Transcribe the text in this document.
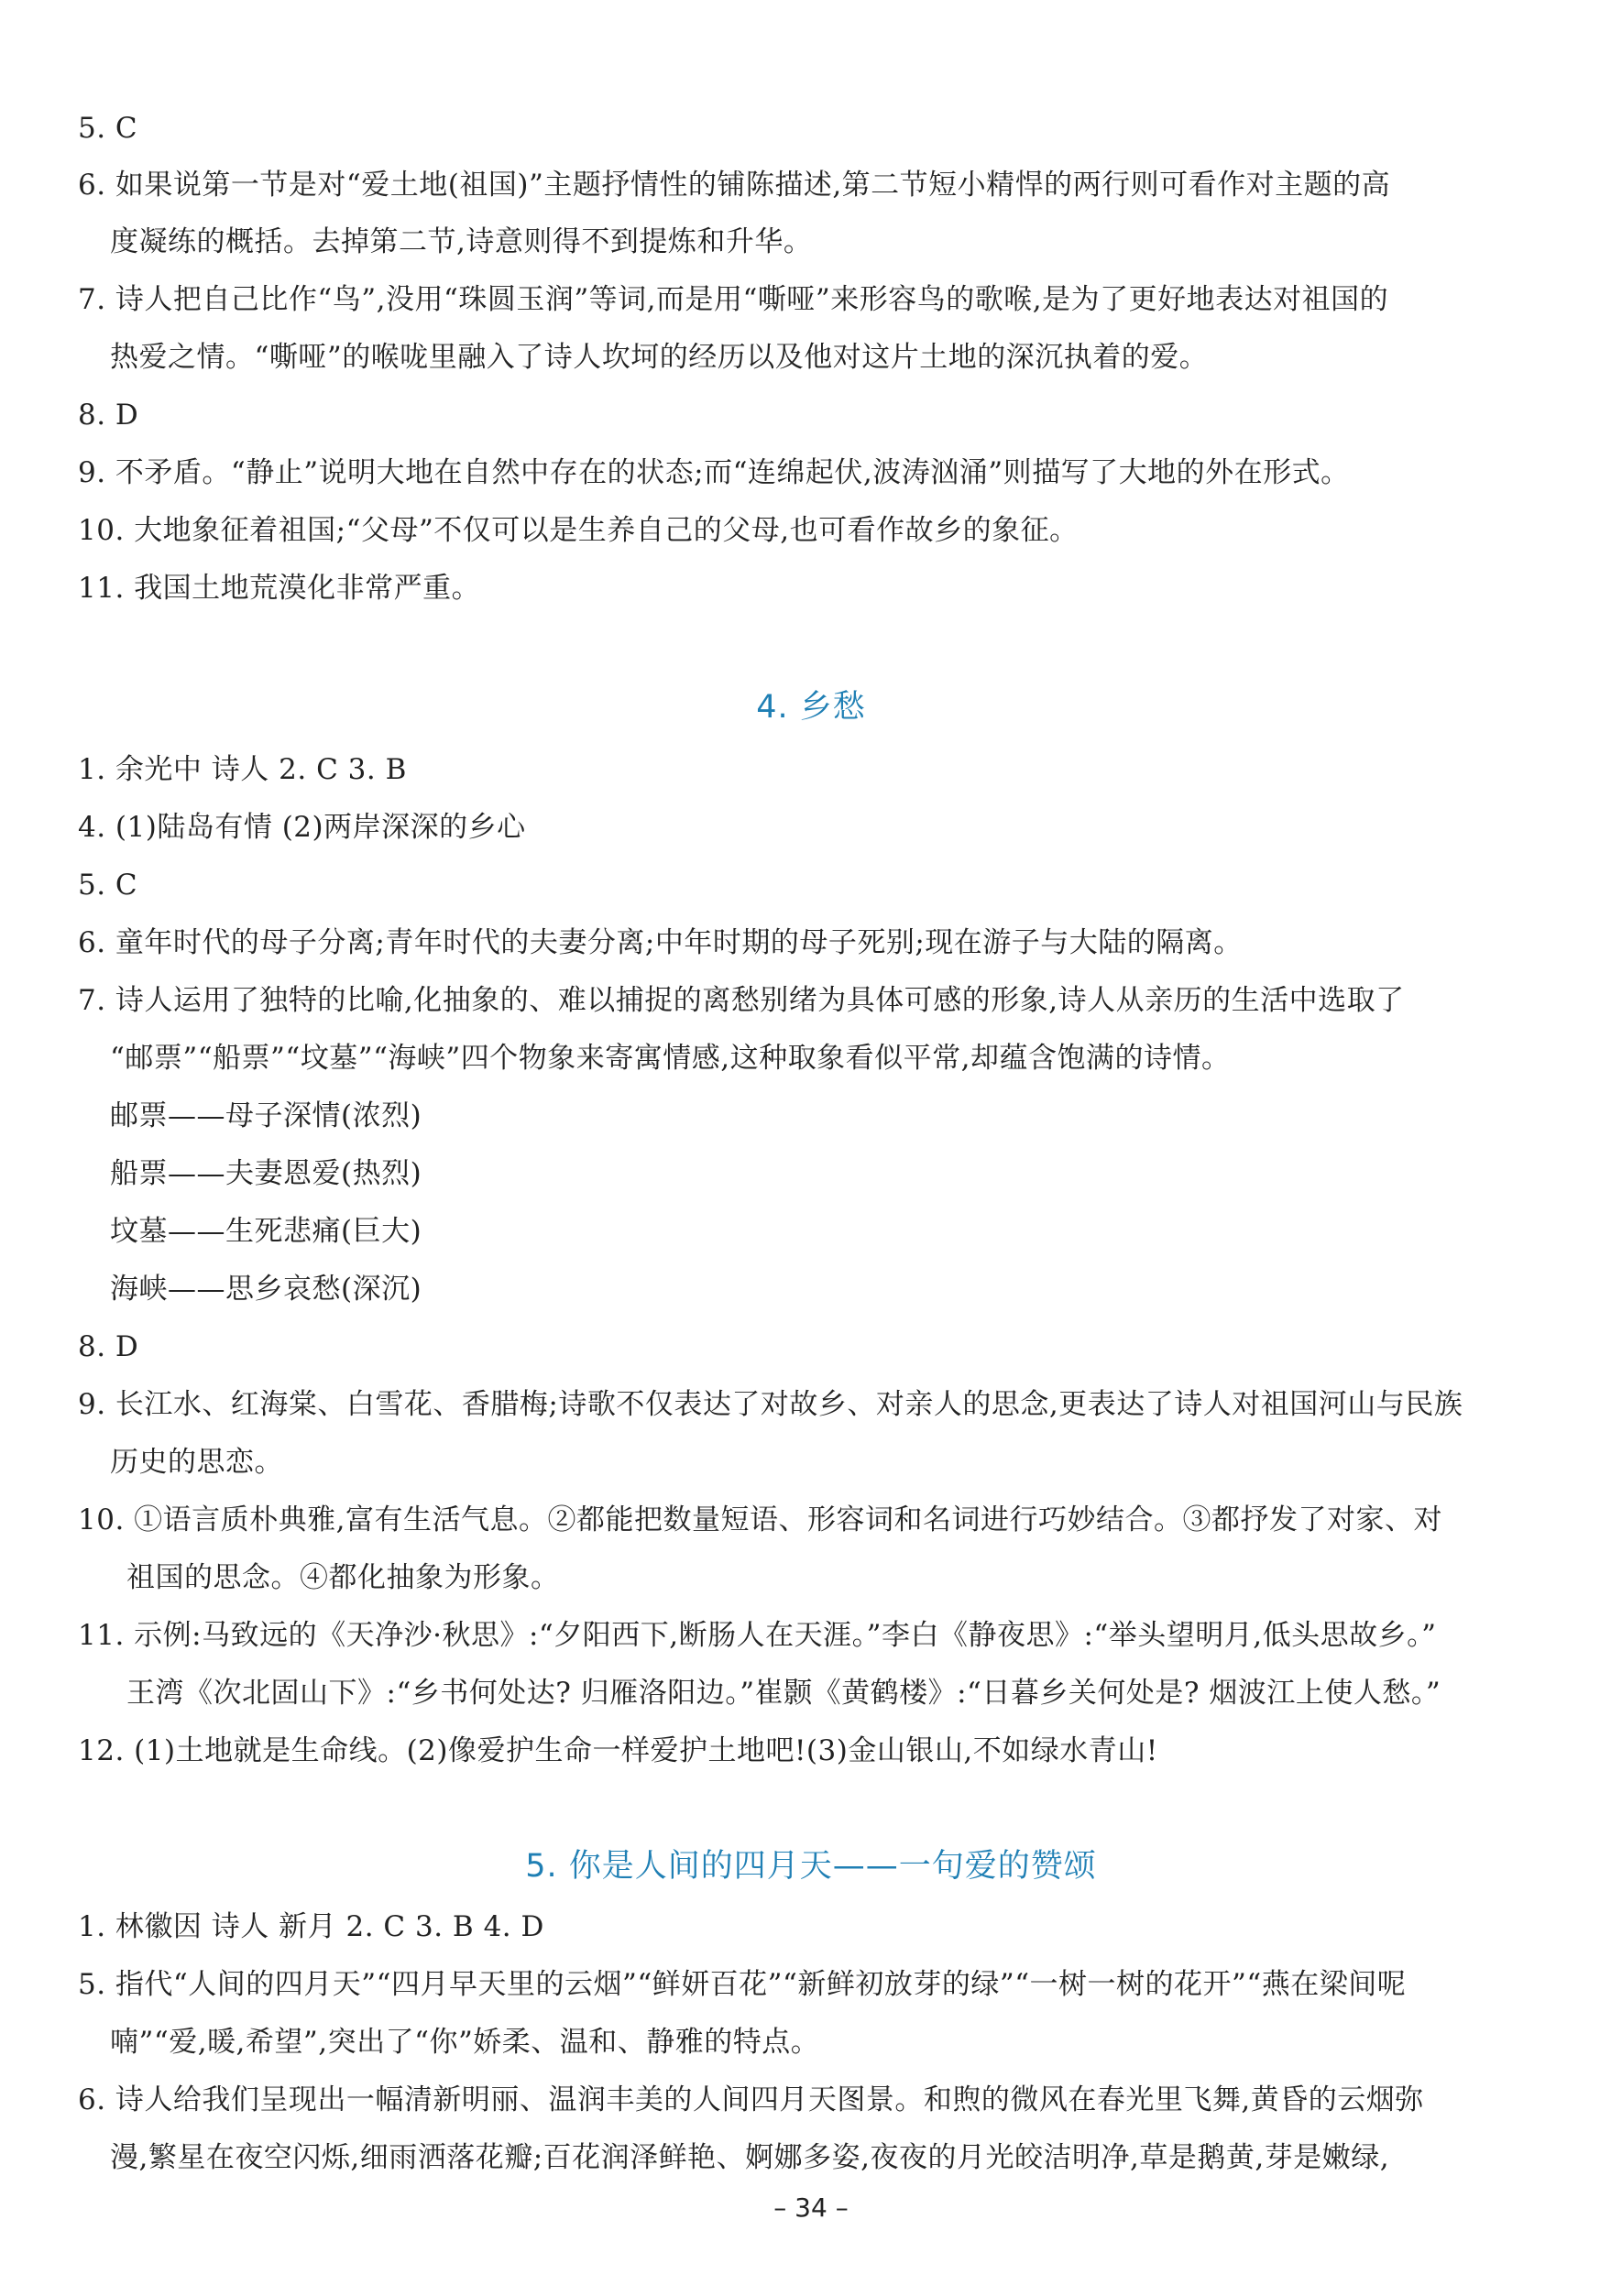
5. C
6. 如果说第一节是对“爱土地(祖国)”主题抒情性的铺陈描述,第二节短小精悍的两行则可看作对主题的高
度凝练的概括。去掉第二节,诗意则得不到提炼和升华。
7. 诗人把自己比作“鸟”,没用“珠圆玉润”等词,而是用“嘶哑”来形容鸟的歌喉,是为了更好地表达对祖国的
热爱之情。“嘶哑”的喉咙里融入了诗人坎坷的经历以及他对这片土地的深沉执着的爱。
8. D
9. 不矛盾。“静止”说明大地在自然中存在的状态;而“连绵起伏,波涛汹涌”则描写了大地的外在形式。
10. 大地象征着祖国;“父母”不仅可以是生养自己的父母,也可看作故乡的象征。
11. 我国土地荒漠化非常严重。
4. 乡愁
1. 余光中 诗人 2. C 3. B
4. (1)陆岛有情 (2)两岸深深的乡心
5. C
6. 童年时代的母子分离;青年时代的夫妻分离;中年时期的母子死别;现在游子与大陆的隔离。
7. 诗人运用了独特的比喻,化抽象的、难以捕捉的离愁别绪为具体可感的形象,诗人从亲历的生活中选取了
“邮票”“船票”“坟墓”“海峡”四个物象来寄寓情感,这种取象看似平常,却蕴含饱满的诗情。
邮票——母子深情(浓烈)
船票——夫妻恩爱(热烈)
坟墓——生死悲痛(巨大)
海峡——思乡哀愁(深沉)
8. D
9. 长江水、红海棠、白雪花、香腊梅;诗歌不仅表达了对故乡、对亲人的思念,更表达了诗人对祖国河山与民族
历史的思恋。
10. ①语言质朴典雅,富有生活气息。②都能把数量短语、形容词和名词进行巧妙结合。③都抒发了对家、对
祖国的思念。④都化抽象为形象。
11. 示例:马致远的《天净沙·秋思》:“夕阳西下,断肠人在天涯。”李白《静夜思》:“举头望明月,低头思故乡。”
王湾《次北固山下》:“乡书何处达? 归雁洛阳边。”崔颢《黄鹤楼》:“日暮乡关何处是? 烟波江上使人愁。”
12. (1)土地就是生命线。(2)像爱护生命一样爱护土地吧!(3)金山银山,不如绿水青山!
5. 你是人间的四月天——一句爱的赞颂
1. 林徽因 诗人 新月 2. C 3. B 4. D
5. 指代“人间的四月天”“四月早天里的云烟”“鲜妍百花”“新鲜初放芽的绿”“一树一树的花开”“燕在梁间呢
喃”“爱,暖,希望”,突出了“你”娇柔、温和、静雅的特点。
6. 诗人给我们呈现出一幅清新明丽、温润丰美的人间四月天图景。和煦的微风在春光里飞舞,黄昏的云烟弥
漫,繁星在夜空闪烁,细雨洒落花瓣;百花润泽鲜艳、婀娜多姿,夜夜的月光皎洁明净,草是鹅黄,芽是嫩绿,
– 34 –
